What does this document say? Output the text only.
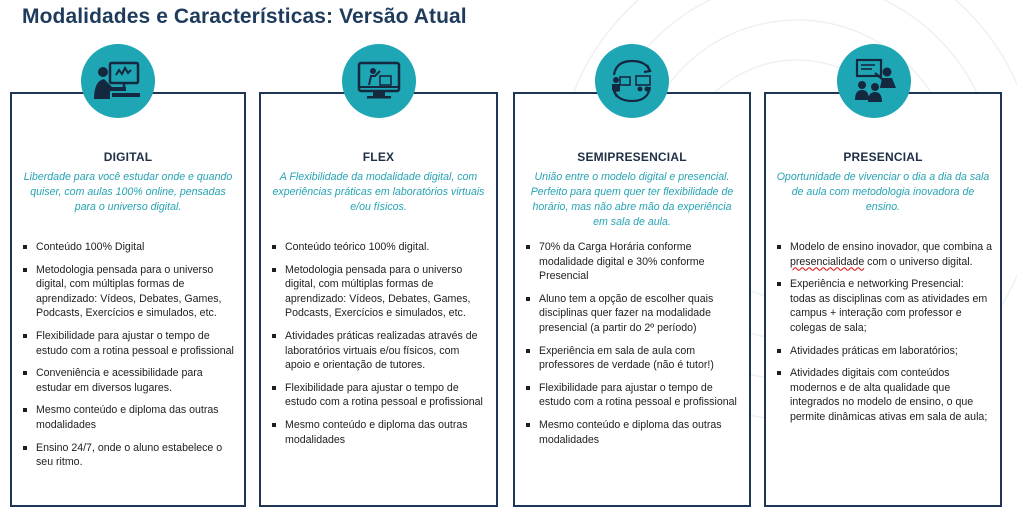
Modalidades e Características: Versão Atual
DIGITAL
Liberdade para você estudar onde e quando quiser, com aulas 100% online, pensadas para o universo digital.
Conteúdo 100% Digital
Metodologia pensada para o universo digital, com múltiplas formas de aprendizado: Vídeos, Debates, Games, Podcasts, Exercícios e simulados, etc.
Flexibilidade para ajustar o tempo de estudo com a rotina pessoal e profissional
Conveniência e acessibilidade para estudar em diversos lugares.
Mesmo conteúdo e diploma das outras modalidades
Ensino 24/7, onde o aluno estabelece o seu ritmo.
FLEX
A Flexibilidade da modalidade digital, com experiências práticas em laboratórios virtuais e/ou físicos.
Conteúdo teórico 100% digital.
Metodologia pensada para o universo digital, com múltiplas formas de aprendizado: Vídeos, Debates, Games, Podcasts, Exercícios e simulados, etc.
Atividades práticas realizadas através de laboratórios virtuais e/ou físicos, com apoio e orientação de tutores.
Flexibilidade para ajustar o tempo de estudo com a rotina pessoal e profissional
Mesmo conteúdo e diploma das outras modalidades
SEMIPRESENCIAL
União entre o modelo digital e presencial. Perfeito para quem quer ter flexibilidade de horário, mas não abre mão da experiência em sala de aula.
70% da Carga Horária conforme modalidade digital e 30% conforme Presencial
Aluno tem a opção de escolher quais disciplinas quer fazer na modalidade presencial (a partir do 2º período)
Experiência em sala de aula com professores de verdade (não é tutor!)
Flexibilidade para ajustar o tempo de estudo com a rotina pessoal e profissional
Mesmo conteúdo e diploma das outras modalidades
PRESENCIAL
Oportunidade de vivenciar o dia a dia da sala de aula com metodologia inovadora de ensino.
Modelo de ensino inovador, que combina a presencialidade com o universo digital.
Experiência e networking Presencial: todas as disciplinas com as atividades em campus + interação com professor e colegas de sala;
Atividades práticas em laboratórios;
Atividades digitais com conteúdos modernos e de alta qualidade que integrados no modelo de ensino, o que permite dinâmicas ativas em sala de aula;
